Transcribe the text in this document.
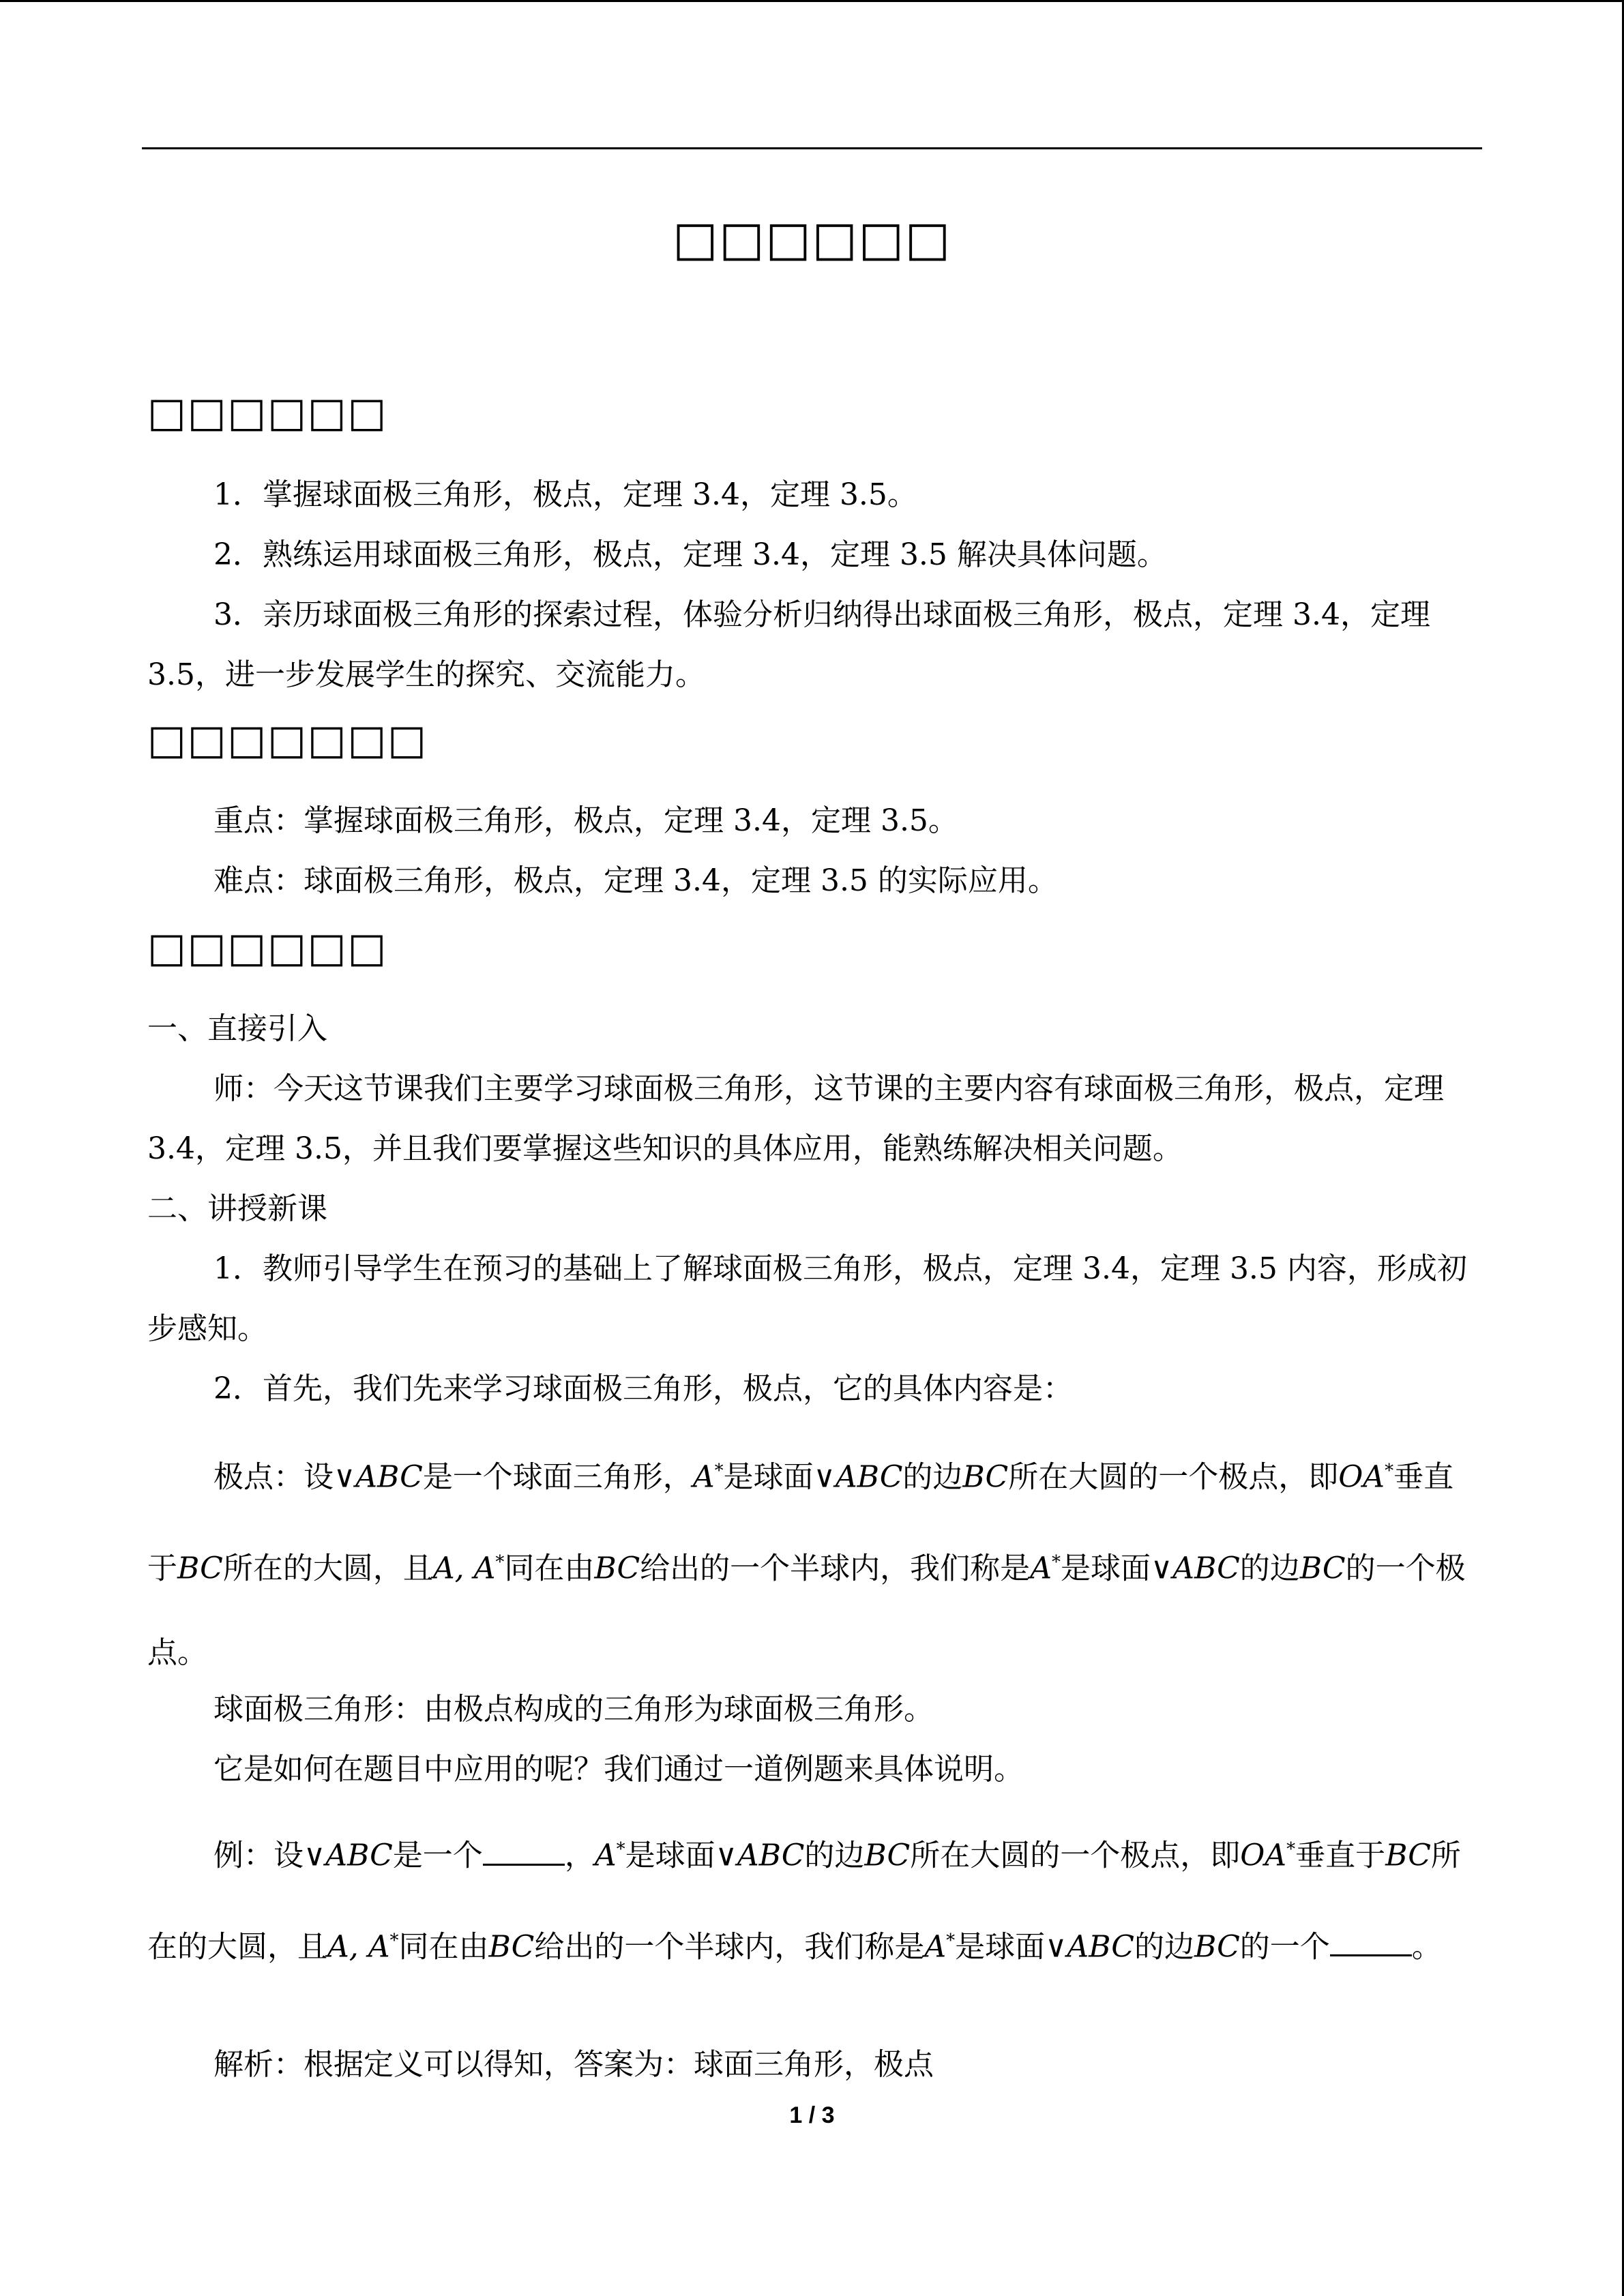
□□□□□□
□□□□□□

1．掌握球面极三角形，极点，定理 3.4，定理 3.5。

2．熟练运用球面极三角形，极点，定理 3.4，定理 3.5 解决具体问题。

3．亲历球面极三角形的探索过程，体验分析归纳得出球面极三角形，极点，定理 3.4，定理 3.5，进一步发展学生的探究、交流能力。

□□□□□□□

重点：掌握球面极三角形，极点，定理 3.4，定理 3.5。

难点：球面极三角形，极点，定理 3.4，定理 3.5 的实际应用。

□□□□□□

一、直接引入

师：今天这节课我们主要学习球面极三角形，这节课的主要内容有球面极三角形，极点，定理 3.4，定理 3.5，并且我们要掌握这些知识的具体应用，能熟练解决相关问题。

二、讲授新课

1．教师引导学生在预习的基础上了解球面极三角形，极点，定理 3.4，定理 3.5 内容，形成初步感知。

2．首先，我们先来学习球面极三角形，极点，它的具体内容是：

极点：设∨ABC是一个球面三角形，A*是球面∨ABC的边BC所在大圆的一个极点，即OA*垂直于BC所在的大圆，且A, A*同在由BC给出的一个半球内，我们称是A*是球面∨ABC的边BC的一个极点。

球面极三角形：由极点构成的三角形为球面极三角形。

它是如何在题目中应用的呢？我们通过一道例题来具体说明。

例：设∨ABC是一个	，A*是球面∨ABC的边BC所在大圆的一个极点，即OA*垂直于BC所在的大圆，且A, A*同在由BC给出的一个半球内，我们称是A*是球面∨ABC的边BC的一个	。

解析：根据定义可以得知，答案为：球面三角形，极点

1 / 3
